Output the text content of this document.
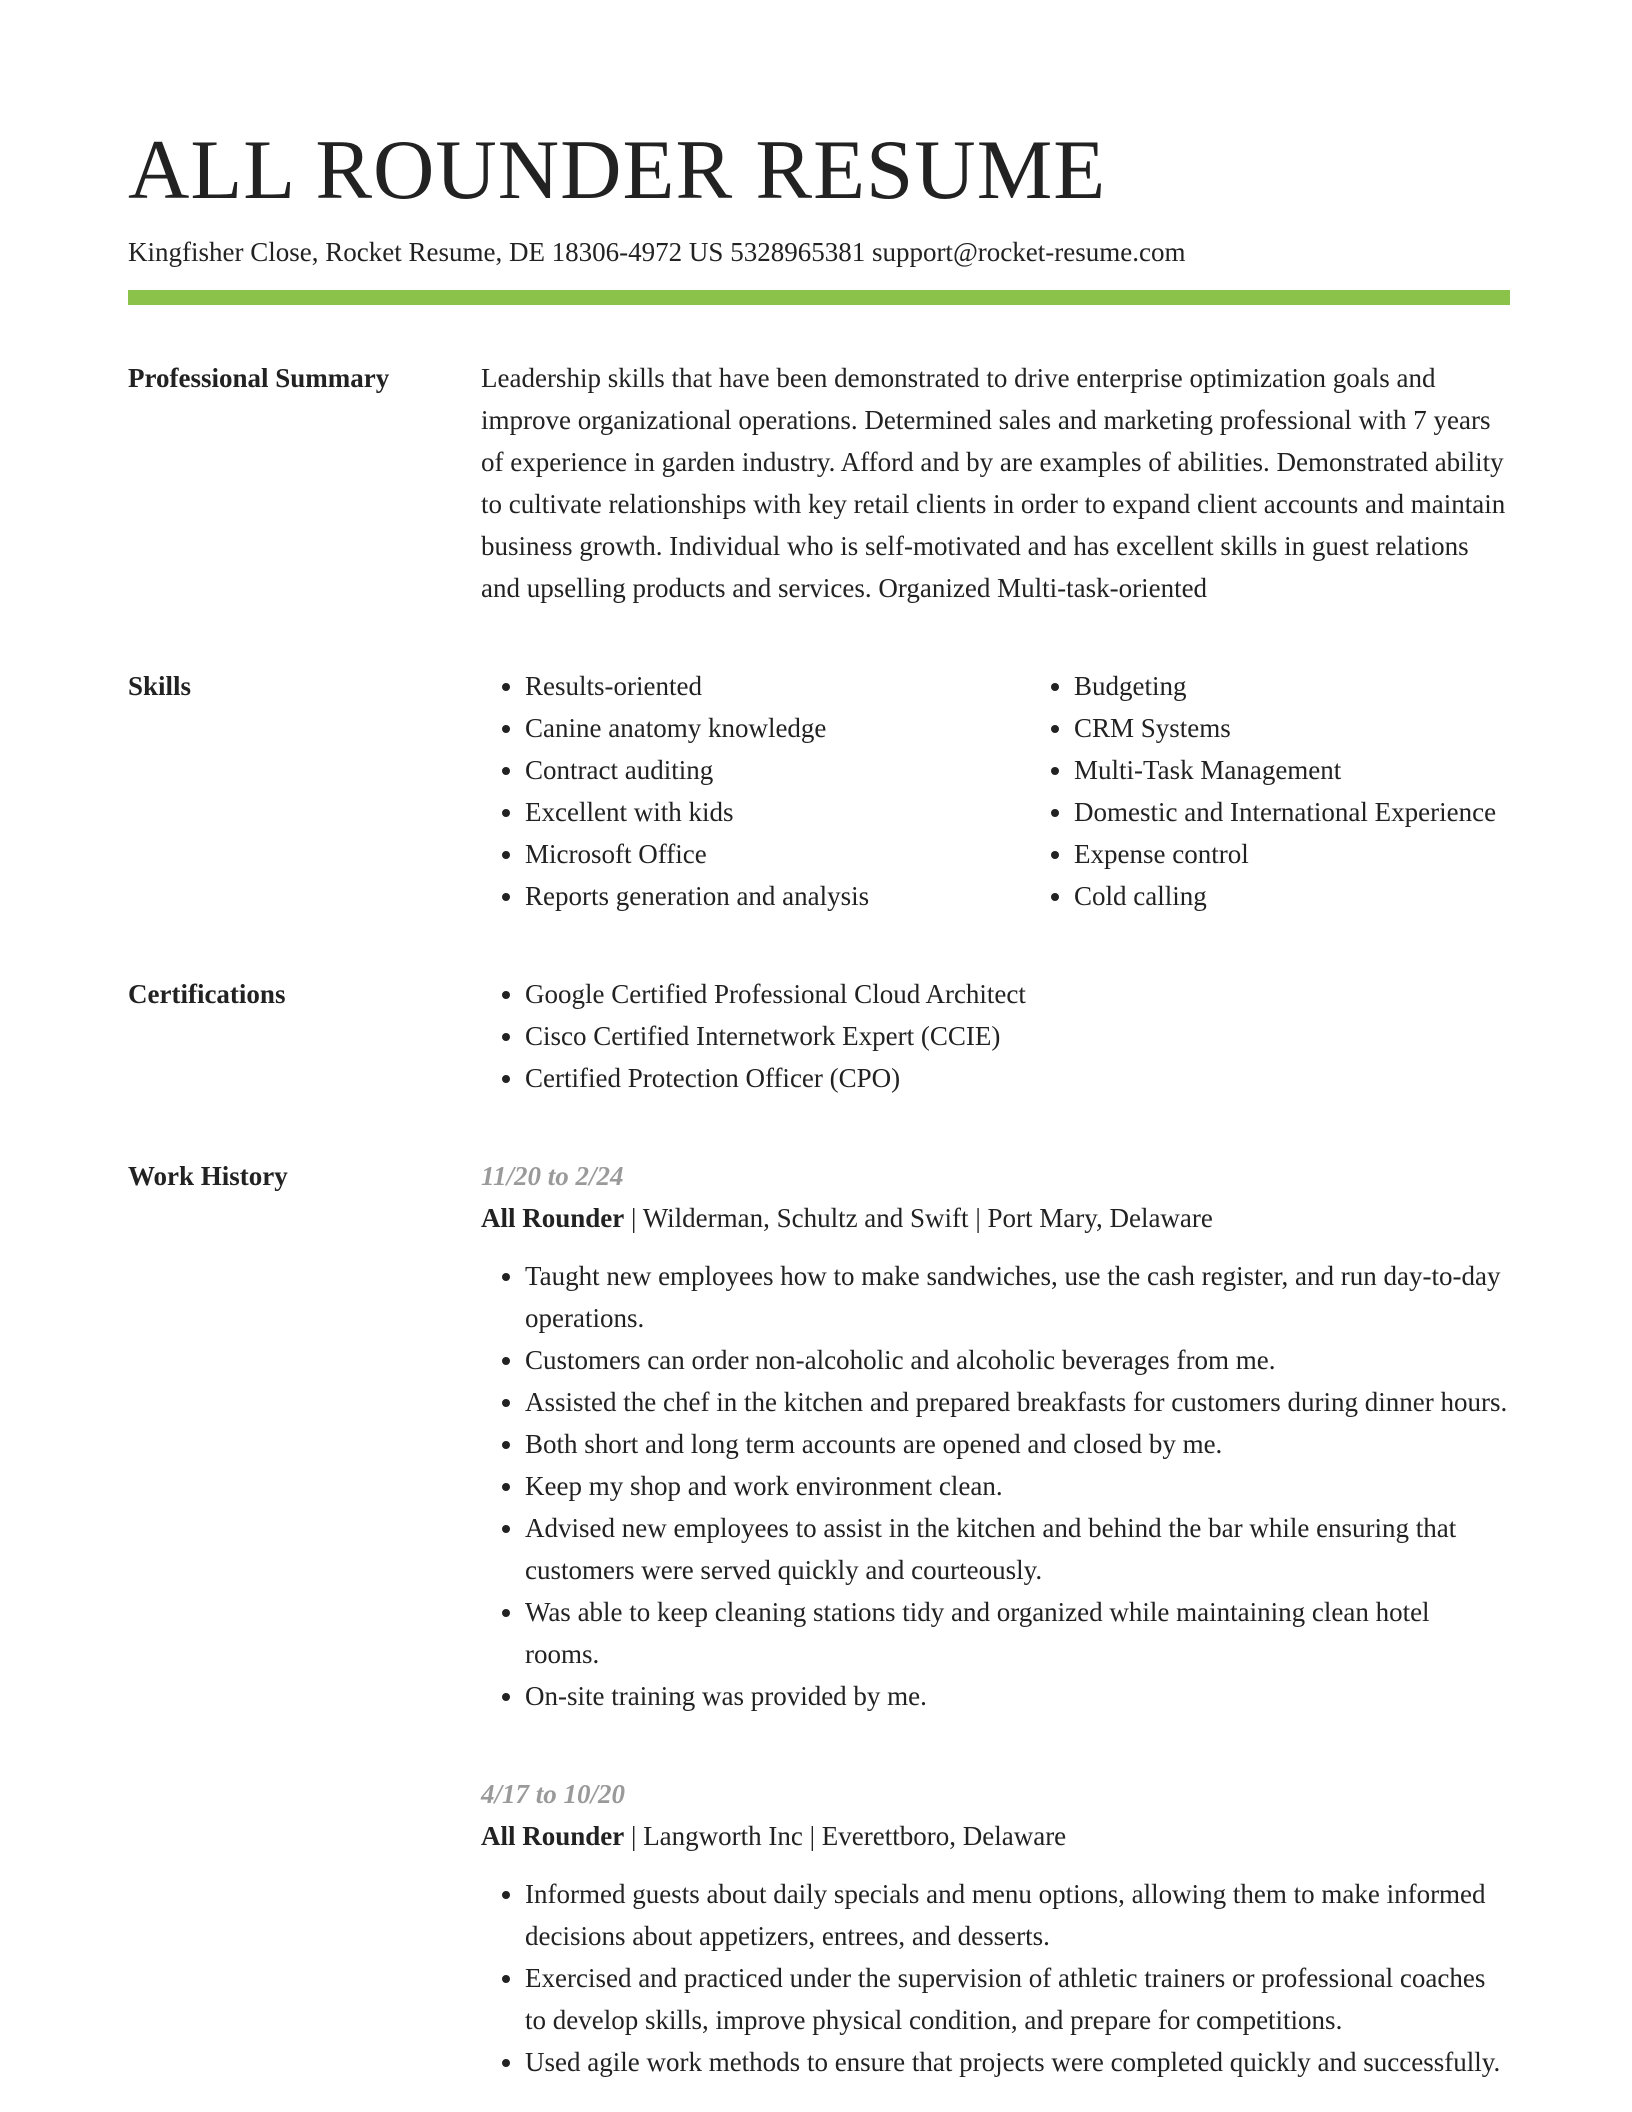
ALL ROUNDER RESUME
Kingfisher Close, Rocket Resume, DE 18306-4972 US 5328965381 support@rocket-resume.com
Professional Summary	Leadership skills that have been demonstrated to drive enterprise optimization goals and improve organizational operations. Determined sales and marketing professional with 7 years of experience in garden industry. Afford and by are examples of abilities. Demonstrated ability to cultivate relationships with key retail clients in order to expand client accounts and maintain business growth. Individual who is self-motivated and has excellent skills in guest relations and upselling products and services. Organized Multi-task-oriented

Skills	• Results-oriented
• Canine anatomy knowledge
• Contract auditing
• Excellent with kids
• Microsoft Office
• Reports generation and analysis
• Budgeting
• CRM Systems
• Multi-Task Management
• Domestic and International Experience
• Expense control
• Cold calling
Certifications	• Google Certified Professional Cloud Architect
• Cisco Certified Internetwork Expert (CCIE)
• Certified Protection Officer (CPO)
Work History	11/20 to 2/24
All Rounder | Wilderman, Schultz and Swift | Port Mary, Delaware
• Taught new employees how to make sandwiches, use the cash register, and run day-to-day operations.
• Customers can order non-alcoholic and alcoholic beverages from me.
• Assisted the chef in the kitchen and prepared breakfasts for customers during dinner hours.
• Both short and long term accounts are opened and closed by me.
• Keep my shop and work environment clean.
• Advised new employees to assist in the kitchen and behind the bar while ensuring that customers were served quickly and courteously.
• Was able to keep cleaning stations tidy and organized while maintaining clean hotel rooms.
• On-site training was provided by me.
4/17 to 10/20
All Rounder | Langworth Inc | Everettboro, Delaware
• Informed guests about daily specials and menu options, allowing them to make informed decisions about appetizers, entrees, and desserts.
• Exercised and practiced under the supervision of athletic trainers or professional coaches to develop skills, improve physical condition, and prepare for competitions.
• Used agile work methods to ensure that projects were completed quickly and successfully.
